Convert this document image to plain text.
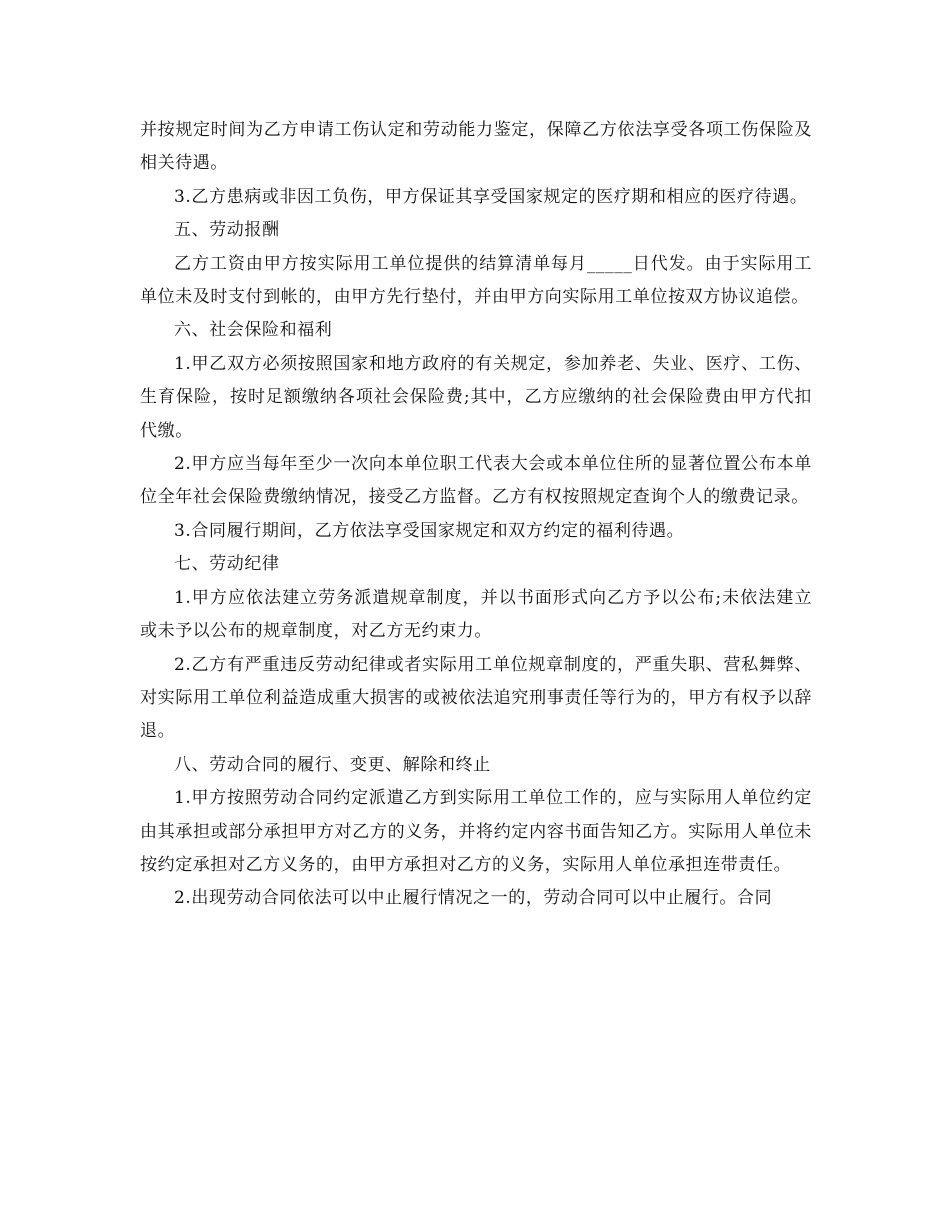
并按规定时间为乙方申请工伤认定和劳动能力鉴定，保障乙方依法享受各项工伤保险及相关待遇。

3.乙方患病或非因工负伤，甲方保证其享受国家规定的医疗期和相应的医疗待遇。

五、劳动报酬

乙方工资由甲方按实际用工单位提供的结算清单每月_____日代发。由于实际用工单位未及时支付到帐的，由甲方先行垫付，并由甲方向实际用工单位按双方协议追偿。

六、社会保险和福利

1.甲乙双方必须按照国家和地方政府的有关规定，参加养老、失业、医疗、工伤、生育保险，按时足额缴纳各项社会保险费;其中，乙方应缴纳的社会保险费由甲方代扣代缴。

2.甲方应当每年至少一次向本单位职工代表大会或本单位住所的显著位置公布本单位全年社会保险费缴纳情况，接受乙方监督。乙方有权按照规定查询个人的缴费记录。

3.合同履行期间，乙方依法享受国家规定和双方约定的福利待遇。

七、劳动纪律

1.甲方应依法建立劳务派遣规章制度，并以书面形式向乙方予以公布;未依法建立或未予以公布的规章制度，对乙方无约束力。

2.乙方有严重违反劳动纪律或者实际用工单位规章制度的，严重失职、营私舞弊、对实际用工单位利益造成重大损害的或被依法追究刑事责任等行为的，甲方有权予以辞退。

八、劳动合同的履行、变更、解除和终止

1.甲方按照劳动合同约定派遣乙方到实际用工单位工作的，应与实际用人单位约定由其承担或部分承担甲方对乙方的义务，并将约定内容书面告知乙方。实际用人单位未按约定承担对乙方义务的，由甲方承担对乙方的义务，实际用人单位承担连带责任。

2.出现劳动合同依法可以中止履行情况之一的，劳动合同可以中止履行。合同
